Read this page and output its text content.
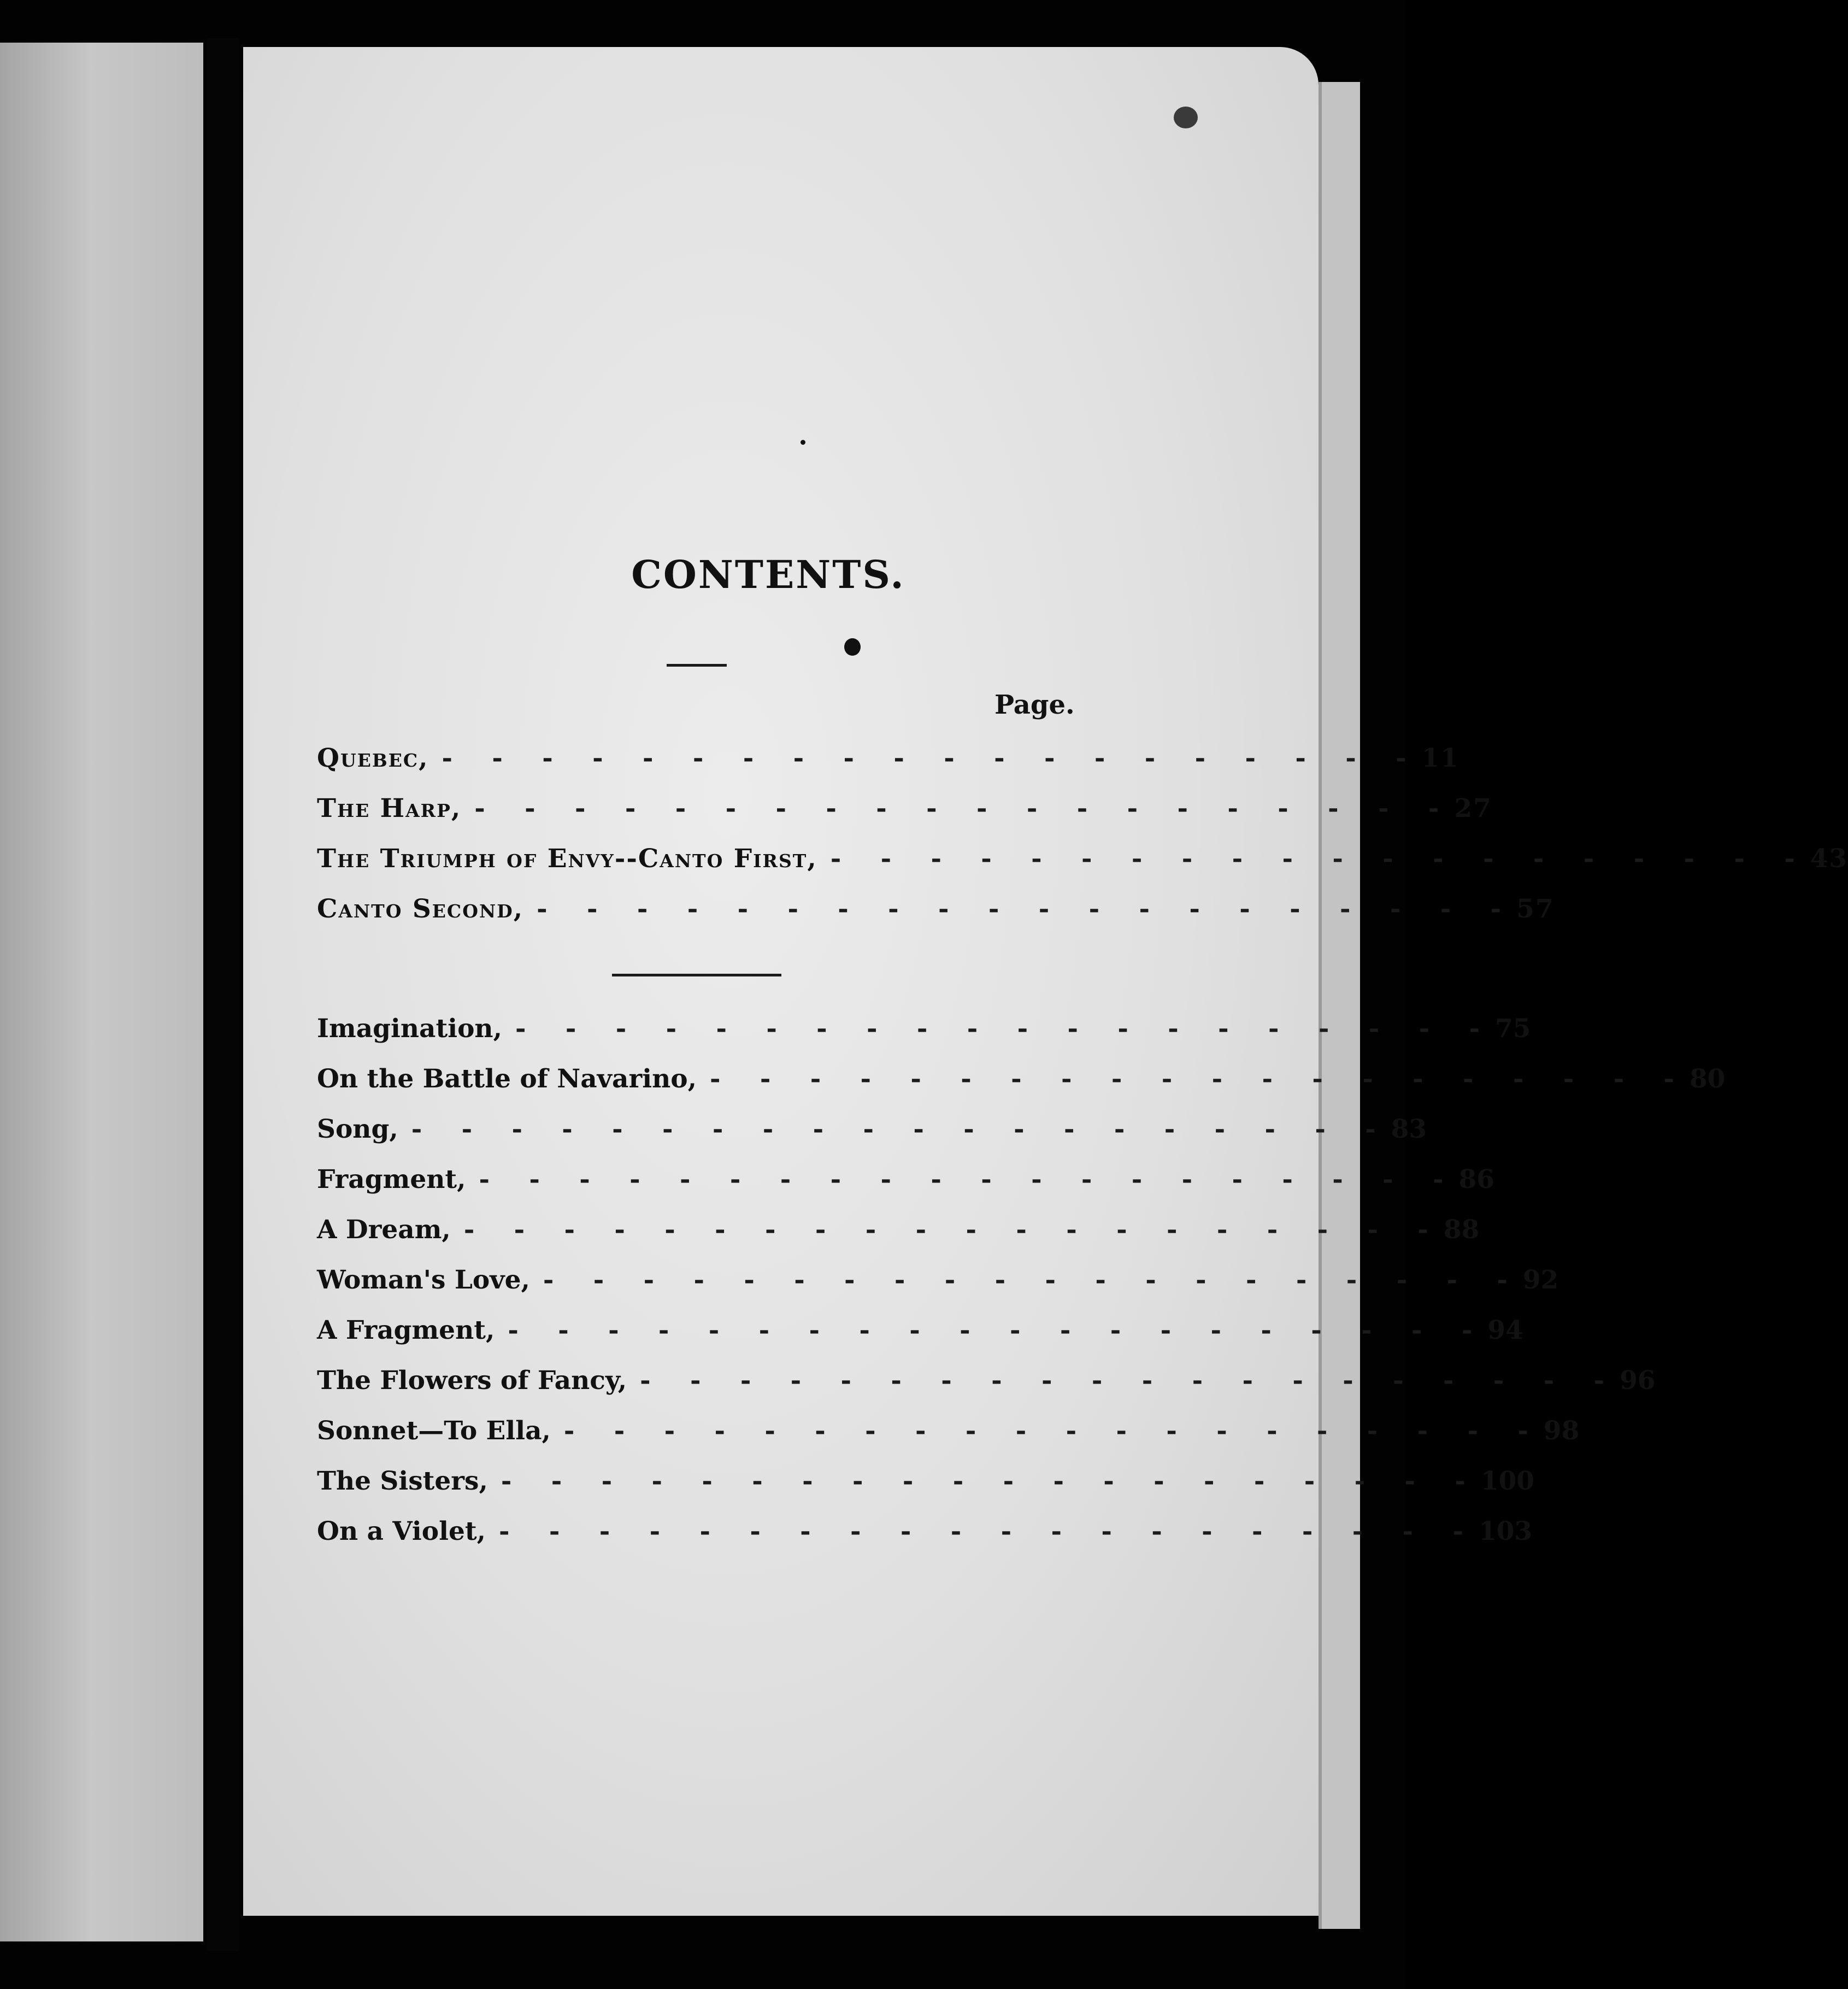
CONTENTS.
Page.
Quebec, - - - - - - - - - - - - - - - - - - - - 11
The Harp, - - - - - - - - - - - - - - - - - - - - 27
The Triumph of Envy--Canto First, - - - - - - - - - - - - - - - - - - - - 43
Canto Second, - - - - - - - - - - - - - - - - - - - - 57
Imagination, - - - - - - - - - - - - - - - - - - - - 75
On the Battle of Navarino, - - - - - - - - - - - - - - - - - - - - 80
Song, - - - - - - - - - - - - - - - - - - - - 83
Fragment, - - - - - - - - - - - - - - - - - - - - 86
A Dream, - - - - - - - - - - - - - - - - - - - - 88
Woman's Love, - - - - - - - - - - - - - - - - - - - - 92
A Fragment, - - - - - - - - - - - - - - - - - - - - 94
The Flowers of Fancy, - - - - - - - - - - - - - - - - - - - - 96
Sonnet—To Ella, - - - - - - - - - - - - - - - - - - - - 98
The Sisters, - - - - - - - - - - - - - - - - - - - - 100
On a Violet, - - - - - - - - - - - - - - - - - - - - 103
